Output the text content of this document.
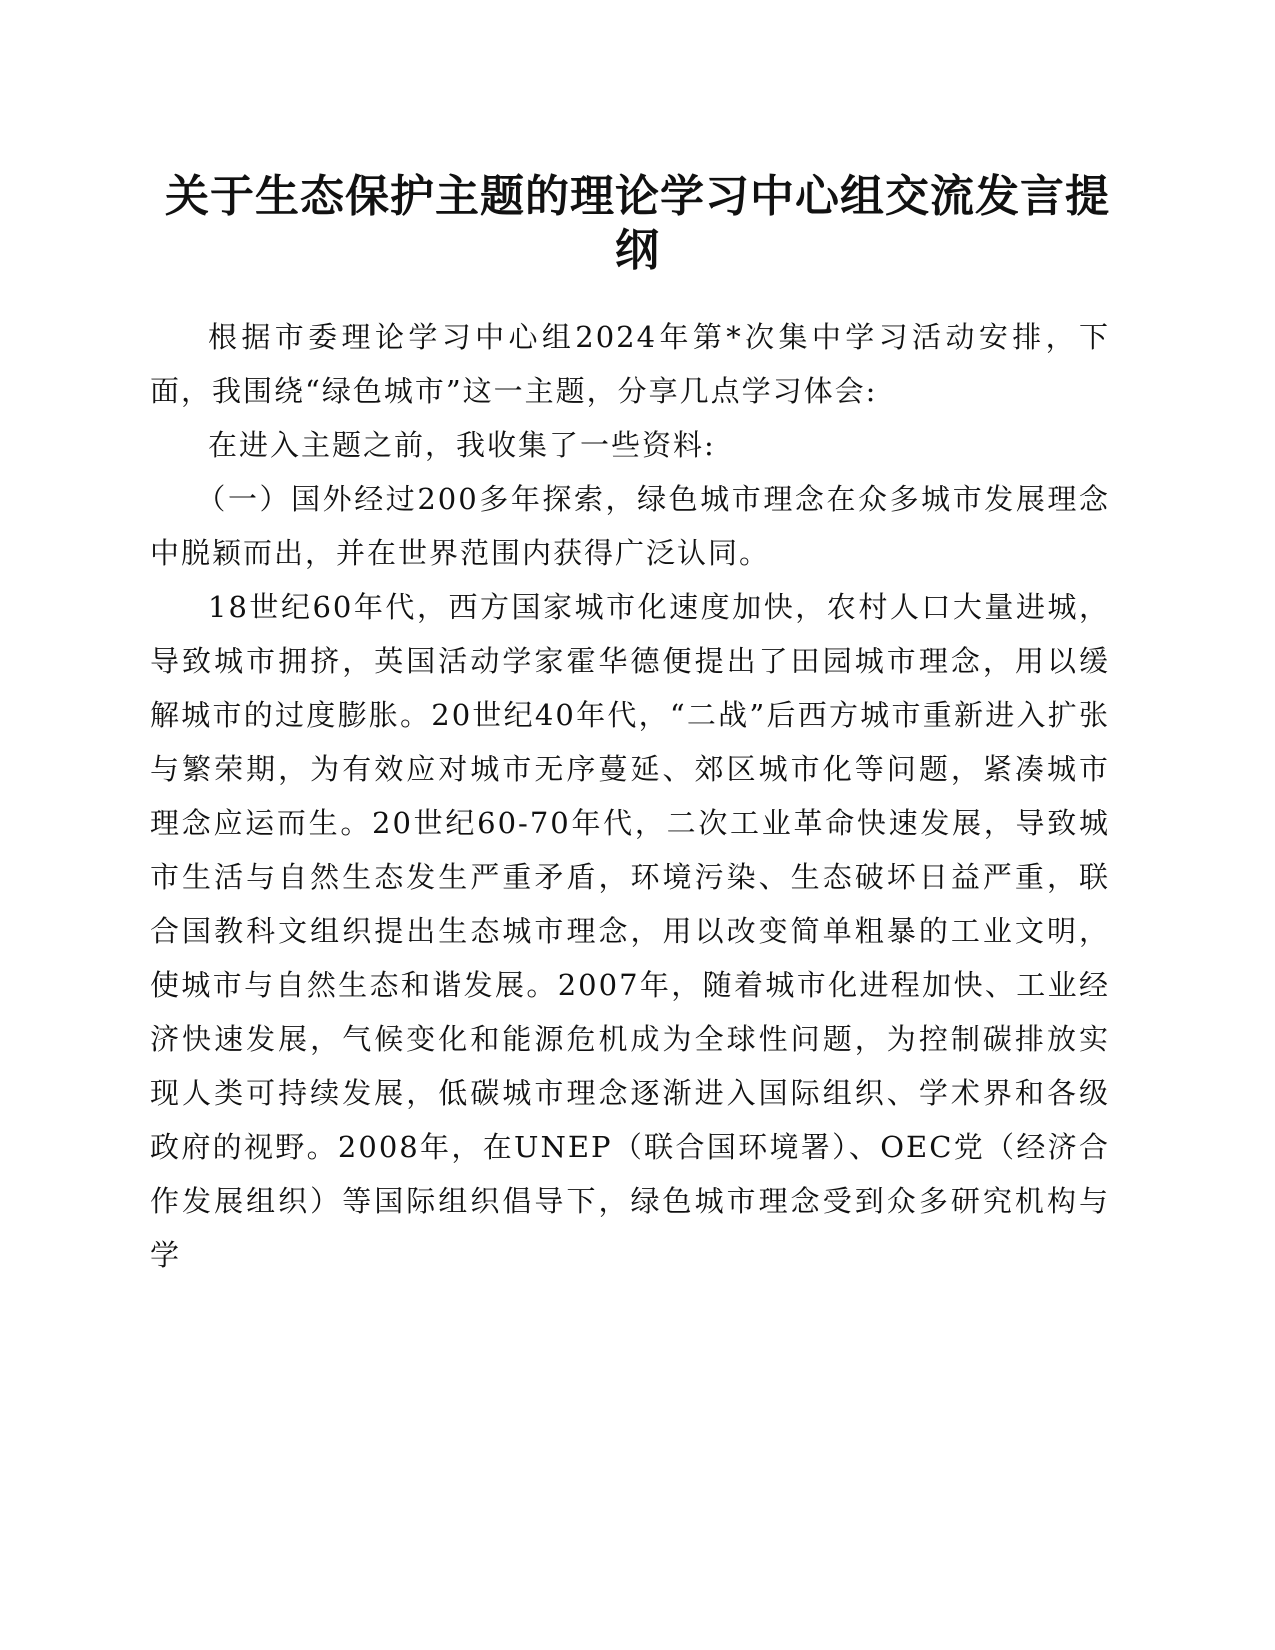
关于生态保护主题的理论学习中心组交流发言提纲

根据市委理论学习中心组2024年第*次集中学习活动安排，下面，我围绕“绿色城市”这一主题，分享几点学习体会:

在进入主题之前，我收集了一些资料:

（一）国外经过200多年探索，绿色城市理念在众多城市发展理念中脱颖而出，并在世界范围内获得广泛认同。

18世纪60年代，西方国家城市化速度加快，农村人口大量进城，导致城市拥挤，英国活动学家霍华德便提出了田园城市理念，用以缓解城市的过度膨胀。20世纪40年代，“二战”后西方城市重新进入扩张与繁荣期，为有效应对城市无序蔓延、郊区城市化等问题，紧凑城市理念应运而生。20世纪60-70年代，二次工业革命快速发展，导致城市生活与自然生态发生严重矛盾，环境污染、生态破坏日益严重，联合国教科文组织提出生态城市理念，用以改变简单粗暴的工业文明，使城市与自然生态和谐发展。2007年，随着城市化进程加快、工业经济快速发展，气候变化和能源危机成为全球性问题，为控制碳排放实现人类可持续发展，低碳城市理念逐渐进入国际组织、学术界和各级政府的视野。2008年，在UNEP（联合国环境署）、OEC党（经济合作发展组织）等国际组织倡导下，绿色城市理念受到众多研究机构与学
